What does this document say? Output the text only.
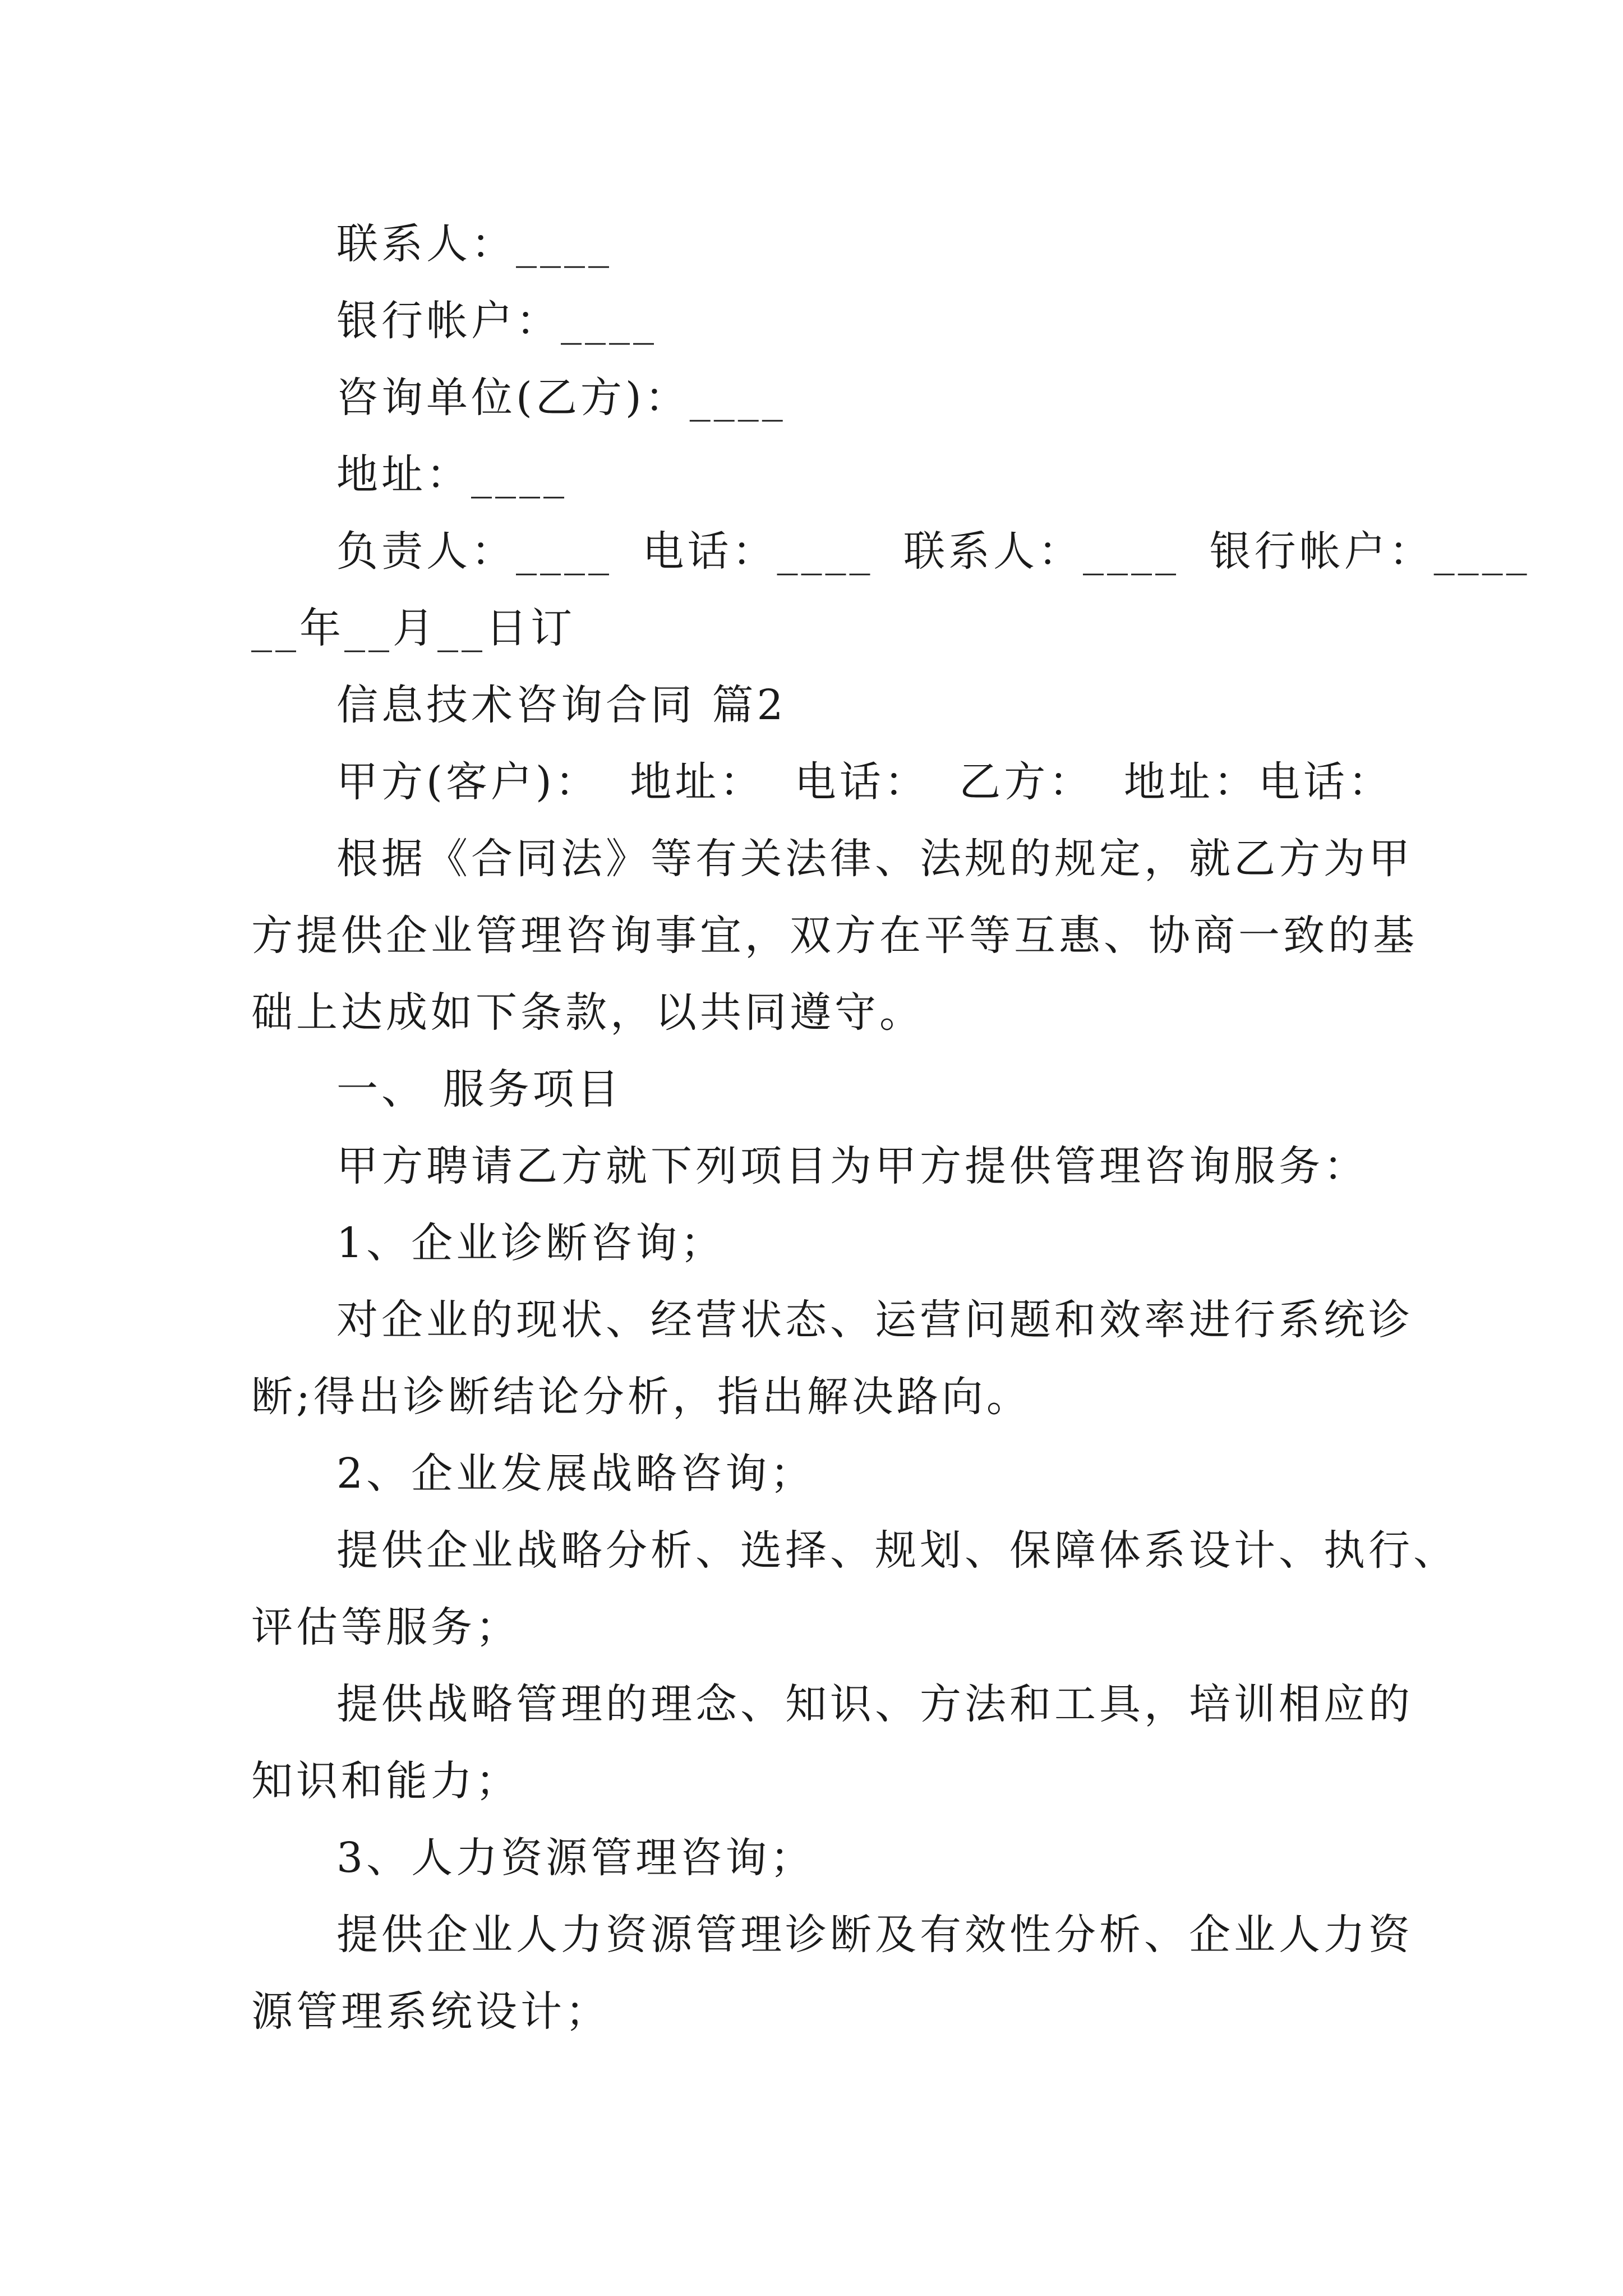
联系人：____
银行帐户：____
咨询单位(乙方)：____
地址：____
负责人：____ 电话：____ 联系人：____ 银行帐户：____
__年__月__日订
信息技术咨询合同 篇2
甲方(客户)： 地址： 电话： 乙方： 地址：电话：
根据《合同法》等有关法律、法规的规定，就乙方为甲
方提供企业管理咨询事宜，双方在平等互惠、协商一致的基
础上达成如下条款，以共同遵守。
一、 服务项目
甲方聘请乙方就下列项目为甲方提供管理咨询服务：
1、企业诊断咨询；
对企业的现状、经营状态、运营问题和效率进行系统诊
断;得出诊断结论分析，指出解决路向。
2、企业发展战略咨询；
提供企业战略分析、选择、规划、保障体系设计、执行、
评估等服务；
提供战略管理的理念、知识、方法和工具，培训相应的
知识和能力；
3、人力资源管理咨询；
提供企业人力资源管理诊断及有效性分析、企业人力资
源管理系统设计；
